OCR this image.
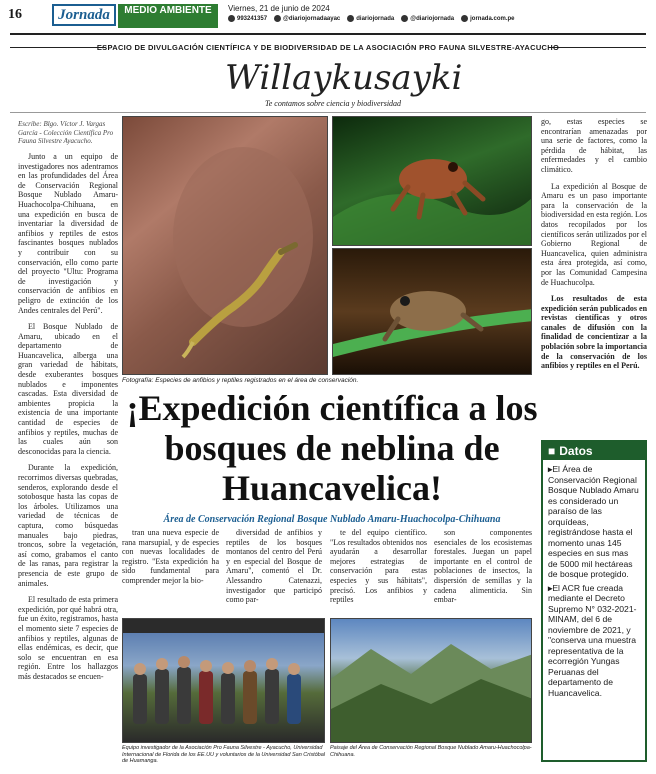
16	Jornada	MEDIO AMBIENTE	Viernes, 21 de junio de 2024
993241357	@diariojornadaayac	diariojornada	@diariojornada	jornada.com.pe
ESPACIO DE DIVULGACIÓN CIENTÍFICA Y DE BIODIVERSIDAD DE LA ASOCIACIÓN PRO FAUNA SILVESTRE-AYACUCHO
Willaykusayki
Te contamos sobre ciencia y biodiversidad
Escribe: Blgo. Víctor J. Vargas García - Colección Científica Pro Fauna Silvestre Ayacucho.

Junto a un equipo de investigadores nos adentramos en las profundidades del Área de Conservación Regional Bosque Nublado Amaru-Huachocolpa-Chihuana, en una expedición en busca de inventariar la diversidad de anfibios y reptiles de estos fascinantes bosques nublados y contribuir con su conservación, ello como parte del proyecto "Ultu: Programa de investigación y conservación de anfibios en peligro de extinción de los Andes centrales del Perú".

El Bosque Nublado de Amaru, ubicado en el departamento de Huancavelica, alberga una gran variedad de hábitats, desde exuberantes bosques nublados e imponentes cascadas. Esta diversidad de ambientes propicia la existencia de una importante cantidad de especies de anfibios y reptiles, muchas de las cuales aún son desconocidas para la ciencia.

Durante la expedición, recorrimos diversas quebradas, senderos, explorando desde el sotobosque hasta las copas de los árboles. Utilizamos una variedad de técnicas de captura, como búsquedas manuales bajo piedras, troncos, sobre la vegetación, así como, grabamos el canto de las ranas, para registrar la presencia de este grupo de animales.

El resultado de esta primera expedición, por qué habrá otra, fue un éxito, registramos, hasta el momento siete 7 especies de anfibios y reptiles, algunas de ellas endémicas, es decir, que solo se encuentran en esa región. Entre los hallazgos más destacados se encuen-

Fotografía: Especies de anfibios y reptiles registrados en el área de conservación.
¡Expedición científica a los bosques de neblina de Huancavelica!
Área de Conservación Regional Bosque Nublado Amaru-Huachocolpa-Chihuana

tran una nueva especie de rana marsupial, y de especies con nuevas localidades de registro. "Esta expedición ha sido fundamental para comprender mejor la bio-

diversidad de anfibios y reptiles de los bosques montanos del centro del Perú y en especial del Bosque de Amaru", comentó el Dr. Alessandro Catenazzi, investigador que participó como par-

te del equipo científico. "Los resultados obtenidos nos ayudarán a desarrollar mejores estrategias de conservación para estas especies y sus hábitats", precisó. Los anfibios y reptiles

son componentes esenciales de los ecosistemas forestales. Juegan un papel importante en el control de poblaciones de insectos, la dispersión de semillas y la cadena alimenticia. Sin embar-

Equipo investigador de la Asociación Pro Fauna Silvestre - Ayacucho, Universidad Internacional de Florida de los EE.UU y voluntarios de la Universidad San Cristóbal de Huamanga.
Paisaje del Área de Conservación Regional Bosque Nublado Amaru-Huachocolpa-Chihuana.

go, estas especies se encontrarían amenazadas por una serie de factores, como la pérdida de hábitat, las enfermedades y el cambio climático.

La expedición al Bosque de Amaru es un paso importante para la conservación de la biodiversidad en esta región. Los datos recopilados por los científicos serán utilizados por el Gobierno Regional de Huancavelica, quien administra esta área protegida, así como, por las Comunidad Campesina de Huachucolpa.

Los resultados de esta expedición serán publicados en revistas científicas y otros canales de difusión con la finalidad de concientizar a la población sobre la importancia de la conservación de los anfibios y reptiles en el Perú.

■ Datos
▸ El Área de Conservación Regional Bosque Nublado Amaru es considerado un paraíso de las orquídeas, registrándose hasta el momento unas 145 especies en sus mas de 5000 mil hectáreas de bosque protegido.
▸ El ACR fue creada mediante el Decreto Supremo N° 032-2021-MINAM, del 6 de noviembre de 2021, y "conserva una muestra representativa de la ecorregión Yungas Peruanas del departamento de Huancavelica.
